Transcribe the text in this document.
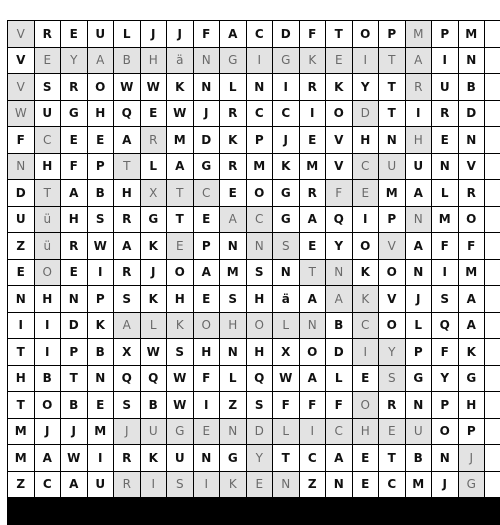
V	R	E	U	L	J	J	F	A	C	D	F	T	O	P	M	P	M
V	E	Y	A	B	H	ä	N	G	I	G	K	E	I	T	A	I	N
V	S	R	O	W	W	K	N	L	N	I	R	K	Y	T	R	U	B
W	U	G	H	Q	E	W	J	R	C	C	I	O	D	T	I	R	D
F	C	E	E	A	R	M	D	K	P	J	E	V	H	N	H	E	N
N	H	F	P	T	L	A	G	R	M	K	M	V	C	U	U	N	V
D	T	A	B	H	X	T	C	E	O	G	R	F	E	M	A	L	R
U	ü	H	S	R	G	T	E	A	C	G	A	Q	I	P	N	M	O
Z	ü	R	W	A	K	E	P	N	N	S	E	Y	O	V	A	F	F
E	O	E	I	R	J	O	A	M	S	N	T	N	K	O	N	I	M
N	H	N	P	S	K	H	E	S	H	ä	A	A	K	V	J	S	A
I	I	D	K	A	L	K	O	H	O	L	N	B	C	O	L	Q	A
T	I	P	B	X	W	S	H	N	H	X	O	D	I	Y	P	F	K
H	B	T	N	Q	Q	W	F	L	Q	W	A	L	E	S	G	Y	G
T	O	B	E	S	B	W	I	Z	S	F	F	F	O	R	N	P	H
M	J	J	M	J	U	G	E	N	D	L	I	C	H	E	U	O	P
M	A	W	I	R	K	U	N	G	Y	T	C	A	E	T	B	N	J
Z	C	A	U	R	I	S	I	K	E	N	Z	N	E	C	M	J	G
